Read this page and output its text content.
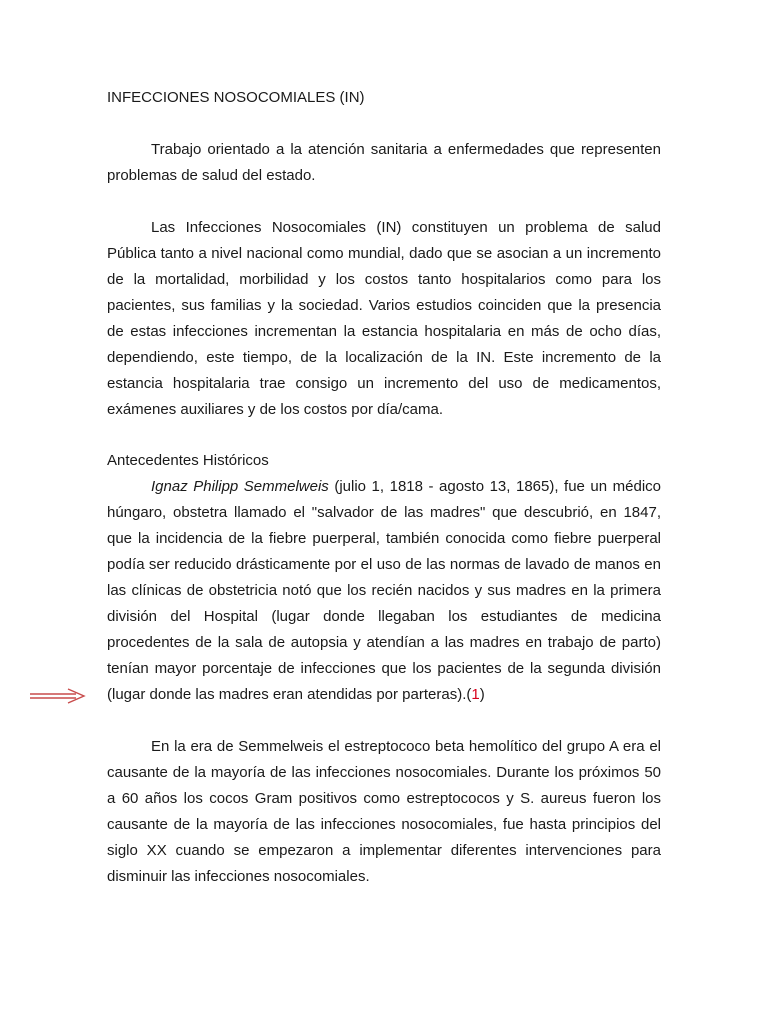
INFECCIONES NOSOCOMIALES (IN)

Trabajo orientado a la atención sanitaria a enfermedades que representen problemas de salud del estado.

Las Infecciones Nosocomiales (IN) constituyen un problema de salud Pública tanto a nivel nacional como mundial, dado que se asocian a un incremento de la mortalidad, morbilidad y los costos tanto hospitalarios como para los pacientes, sus familias y la sociedad. Varios estudios coinciden que la presencia de estas infecciones incrementan la estancia hospitalaria en más de ocho días, dependiendo, este tiempo, de la localización de la IN. Este incremento de la estancia hospitalaria trae consigo un incremento del uso de medicamentos, exámenes auxiliares y de los costos por día/cama.

Antecedentes Históricos

Ignaz Philipp Semmelweis (julio 1, 1818 - agosto 13, 1865), fue un médico húngaro, obstetra llamado el "salvador de las madres" que descubrió, en 1847, que la incidencia de la fiebre puerperal, también conocida como fiebre puerperal podía ser reducido drásticamente por el uso de las normas de lavado de manos en las clínicas de obstetricia notó que los recién nacidos y sus madres en la primera división del Hospital (lugar donde llegaban los estudiantes de medicina procedentes de la sala de autopsia y atendían a las madres en trabajo de parto) tenían mayor porcentaje de infecciones que los pacientes de la segunda división (lugar donde las madres eran atendidas por parteras).(1)

En la era de Semmelweis el estreptococo beta hemolítico del grupo A era el causante de la mayoría de las infecciones nosocomiales. Durante los próximos 50 a 60 años los cocos Gram positivos como estreptococos y S. aureus fueron los causante de la mayoría de las infecciones nosocomiales, fue hasta principios del siglo XX cuando se empezaron a implementar diferentes intervenciones para disminuir las infecciones nosocomiales.
